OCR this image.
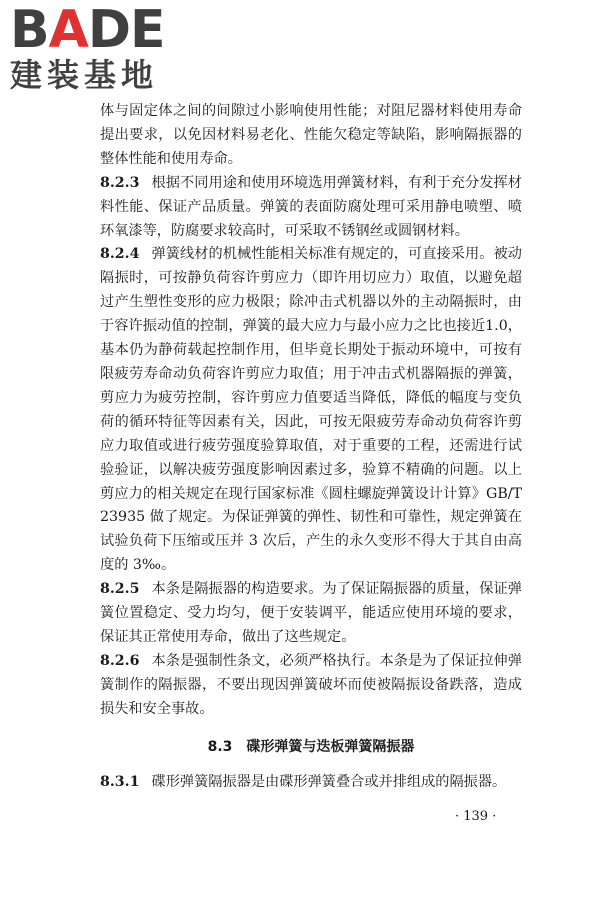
BADE
建装基地

体与固定体之间的间隙过小影响使用性能；对阻尼器材料使用寿命提出要求，以免因材料易老化、性能欠稳定等缺陷，影响隔振器的整体性能和使用寿命。

8.2.3 根据不同用途和使用环境选用弹簧材料，有利于充分发挥材料性能、保证产品质量。弹簧的表面防腐处理可采用静电喷塑、喷环氧漆等，防腐要求较高时，可采取不锈钢丝或圆钢材料。

8.2.4 弹簧线材的机械性能相关标准有规定的，可直接采用。被动隔振时，可按静负荷容许剪应力（即许用切应力）取值，以避免超过产生塑性变形的应力极限；除冲击式机器以外的主动隔振时，由于容许振动值的控制，弹簧的最大应力与最小应力之比也接近1.0，基本仍为静荷载起控制作用，但毕竟长期处于振动环境中，可按有限疲劳寿命动负荷容许剪应力取值；用于冲击式机器隔振的弹簧，剪应力为疲劳控制，容许剪应力值要适当降低，降低的幅度与变负荷的循环特征等因素有关，因此，可按无限疲劳寿命动负荷容许剪应力取值或进行疲劳强度验算取值，对于重要的工程，还需进行试验验证，以解决疲劳强度影响因素过多，验算不精确的问题。以上剪应力的相关规定在现行国家标准《圆柱螺旋弹簧设计计算》GB/T 23935 做了规定。为保证弹簧的弹性、韧性和可靠性，规定弹簧在试验负荷下压缩或压并 3 次后，产生的永久变形不得大于其自由高度的 3‰。

8.2.5 本条是隔振器的构造要求。为了保证隔振器的质量，保证弹簧位置稳定、受力均匀，便于安装调平，能适应使用环境的要求，保证其正常使用寿命，做出了这些规定。

8.2.6 本条是强制性条文，必须严格执行。本条是为了保证拉伸弹簧制作的隔振器，不要出现因弹簧破坏而使被隔振设备跌落，造成损失和安全事故。

8.3 碟形弹簧与迭板弹簧隔振器

8.3.1 碟形弹簧隔振器是由碟形弹簧叠合或并排组成的隔振器。

· 139 ·
